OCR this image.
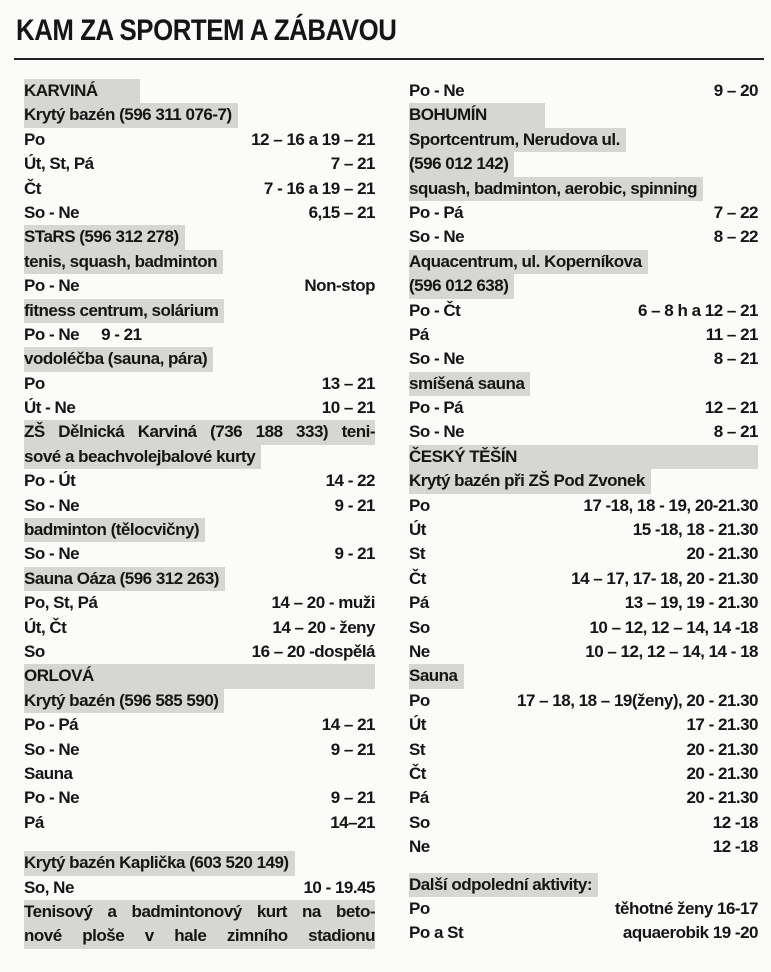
KAM ZA SPORTEM A ZÁBAVOU
KARVINÁ
Krytý bazén (596 311 076-7)
Po	12 – 16 a 19 – 21
Út, St, Pá	7 – 21
Čt	7 - 16 a 19 – 21
So - Ne	6,15 – 21
STaRS (596 312 278)
tenis, squash, badminton
Po - Ne	Non-stop
fitness centrum, solárium
Po - Ne 9 - 21
vodoléčba (sauna, pára)
Po	13 – 21
Út - Ne	10 – 21
ZŠ Dělnická Karviná (736 188 333) teni-
sové a beachvolejbalové kurty
Po - Út	14 - 22
So - Ne	9 - 21
badminton (tělocvičny)
So - Ne	9 - 21
Sauna Oáza (596 312 263)
Po, St, Pá	14 – 20 - muži
Út, Čt	14 – 20 - ženy
So	16 – 20 -dospělá
ORLOVÁ
Krytý bazén (596 585 590)
Po - Pá	14 – 21
So - Ne	9 – 21
Sauna
Po - Ne	9 – 21
Pá	14–21
Krytý bazén Kaplička (603 520 149)
So, Ne	10 - 19.45
Tenisový a badmintonový kurt na beto-
nové ploše v hale zimního stadionu
Po - Ne	9 – 20
BOHUMÍN
Sportcentrum, Nerudova ul.
(596 012 142)
squash, badminton, aerobic, spinning
Po - Pá	7 – 22
So - Ne	8 – 22
Aquacentrum, ul. Koperníkova
(596 012 638)
Po - Čt	6 – 8 h a 12 – 21
Pá	11 – 21
So - Ne	8 – 21
smíšená sauna
Po - Pá	12 – 21
So - Ne	8 – 21
ČESKÝ TĚŠÍN
Krytý bazén při ZŠ Pod Zvonek
Po	17 -18, 18 - 19, 20-21.30
Út	15 -18, 18 - 21.30
St	20 - 21.30
Čt	14 – 17, 17- 18, 20 - 21.30
Pá	13 – 19, 19 - 21.30
So	10 – 12, 12 – 14, 14 -18
Ne	10 – 12, 12 – 14, 14 - 18
Sauna
Po	17 – 18, 18 – 19(ženy), 20 - 21.30
Út	17 - 21.30
St	20 - 21.30
Čt	20 - 21.30
Pá	20 - 21.30
So	12 -18
Ne	12 -18
Další odpolední aktivity:
Po	těhotné ženy 16-17
Po a St	aquaerobik 19 -20
